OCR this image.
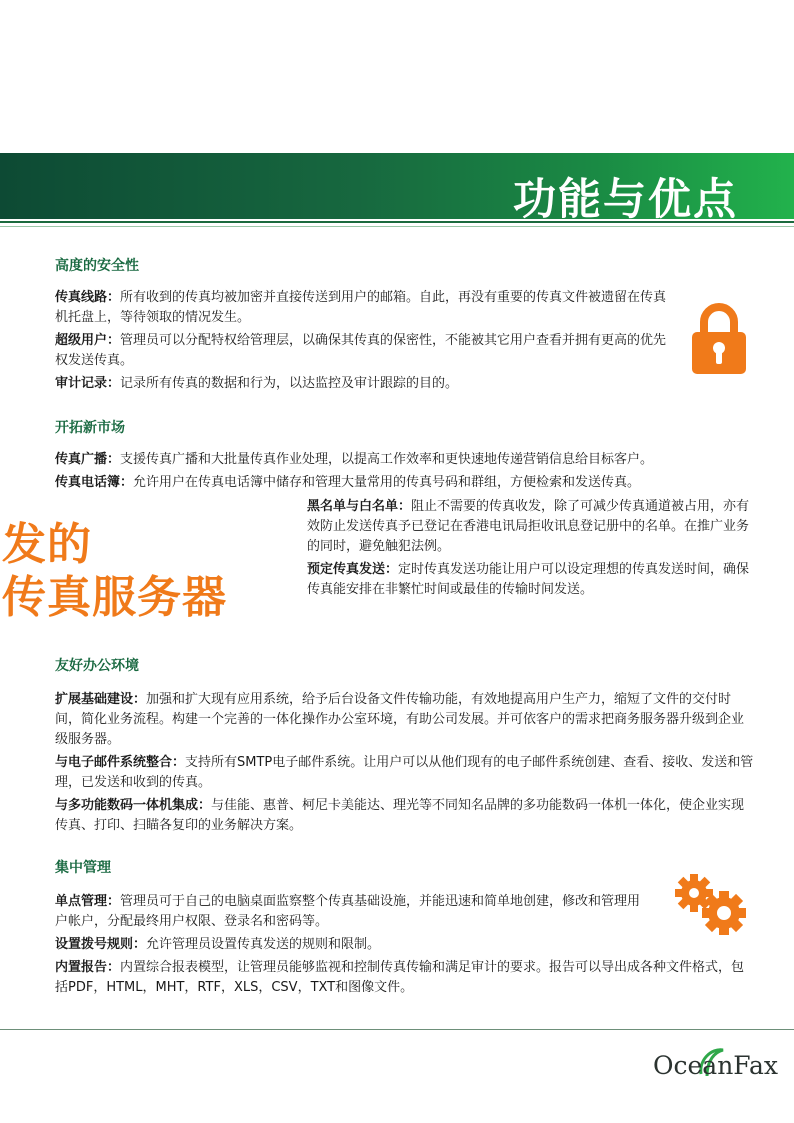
功能与优点
高度的安全性

传真线路：所有收到的传真均被加密并直接传送到用户的邮箱。自此，再没有重要的传真文件被遗留在传真机托盘上，等待领取的情况发生。

超级用户：管理员可以分配特权给管理层，以确保其传真的保密性，不能被其它用户查看并拥有更高的优先权发送传真。

审计记录：记录所有传真的数据和行为，以达监控及审计跟踪的目的。

开拓新市场

传真广播：支援传真广播和大批量传真作业处理，以提高工作效率和更快速地传递营销信息给目标客户。

传真电话簿：允许用户在传真电话簿中储存和管理大量常用的传真号码和群组，方便检索和发送传真。

黑名单与白名单：阻止不需要的传真收发，除了可减少传真通道被占用，亦有效防止发送传真予已登记在香港电讯局拒收讯息登记册中的名单。在推广业务的同时，避免触犯法例。

预定传真发送：定时传真发送功能让用户可以设定理想的传真发送时间，确保传真能安排在非繁忙时间或最佳的传输时间发送。

发的
传真服务器
友好办公环境

扩展基础建设：加强和扩大现有应用系统，给予后台设备文件传输功能，有效地提高用户生产力，缩短了文件的交付时间，简化业务流程。构建一个完善的一体化操作办公室环境，有助公司发展。并可依客户的需求把商务服务器升级到企业级服务器。

与电子邮件系统整合：支持所有SMTP电子邮件系统。让用户可以从他们现有的电子邮件系统创建、查看、接收、发送和管理，已发送和收到的传真。

与多功能数码一体机集成：与佳能、惠普、柯尼卡美能达、理光等不同知名品牌的多功能数码一体机一体化，使企业实现传真、打印、扫瞄各复印的业务解决方案。

集中管理

单点管理：管理员可于自己的电脑桌面监察整个传真基础设施，并能迅速和简单地创建，修改和管理用户帐户，分配最终用户权限、登录名和密码等。

设置拨号规则：允许管理员设置传真发送的规则和限制。

内置报告：内置综合报表模型，让管理员能够监视和控制传真传输和满足审计的要求。报告可以导出成各种文件格式，包括PDF，HTML，MHT，RTF，XLS，CSV，TXT和图像文件。

OceanFax
